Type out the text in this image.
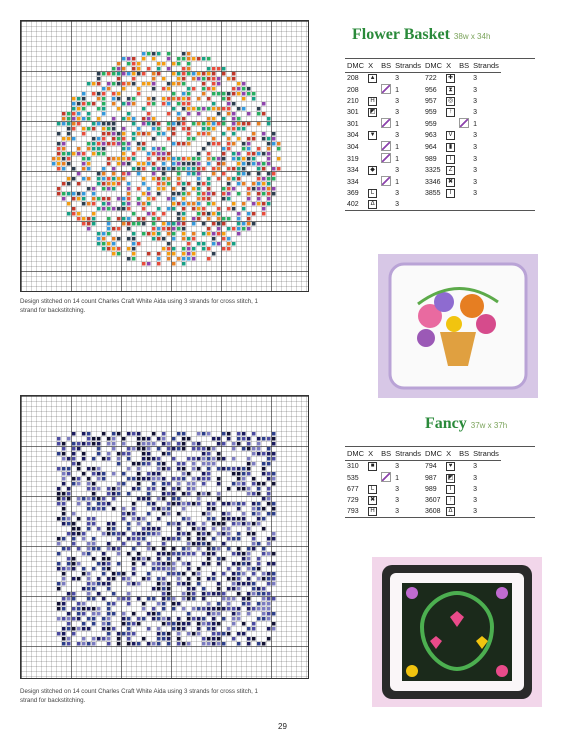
Design stitched on 14 count Charles Craft White Aida using 3 strands for cross stitch, 1 strand for backstitching.
Design stitched on 14 count Charles Craft White Aida using 3 strands for cross stitch, 1 strand for backstitching.
Flower Basket 38w x 34h
DMC	X	BS	Strands	DMC	X	BS	Strands
208	▲		3	722	✚		3
208			1	956	⧗		3
210	H		3	957	◎		3
301	◩		3	959	↑		3
301			1	959			1
304	▼		3	963	V		3
304			1	964	▮		3
319			1	989	T		3
334	◆		3	3325	Z		3
334			1	3346	✖		3
369	L		3	3855	I		3
402	Δ		3				
Fancy 37w x 37h
DMC	X	BS	Strands	DMC	X	BS	Strands
310	■		3	794	♥		3
535			1	987	◩		3
677	L		3	989	T		3
729	✖		3	3607	↑		3
793	H		3	3608	Δ		3
29
